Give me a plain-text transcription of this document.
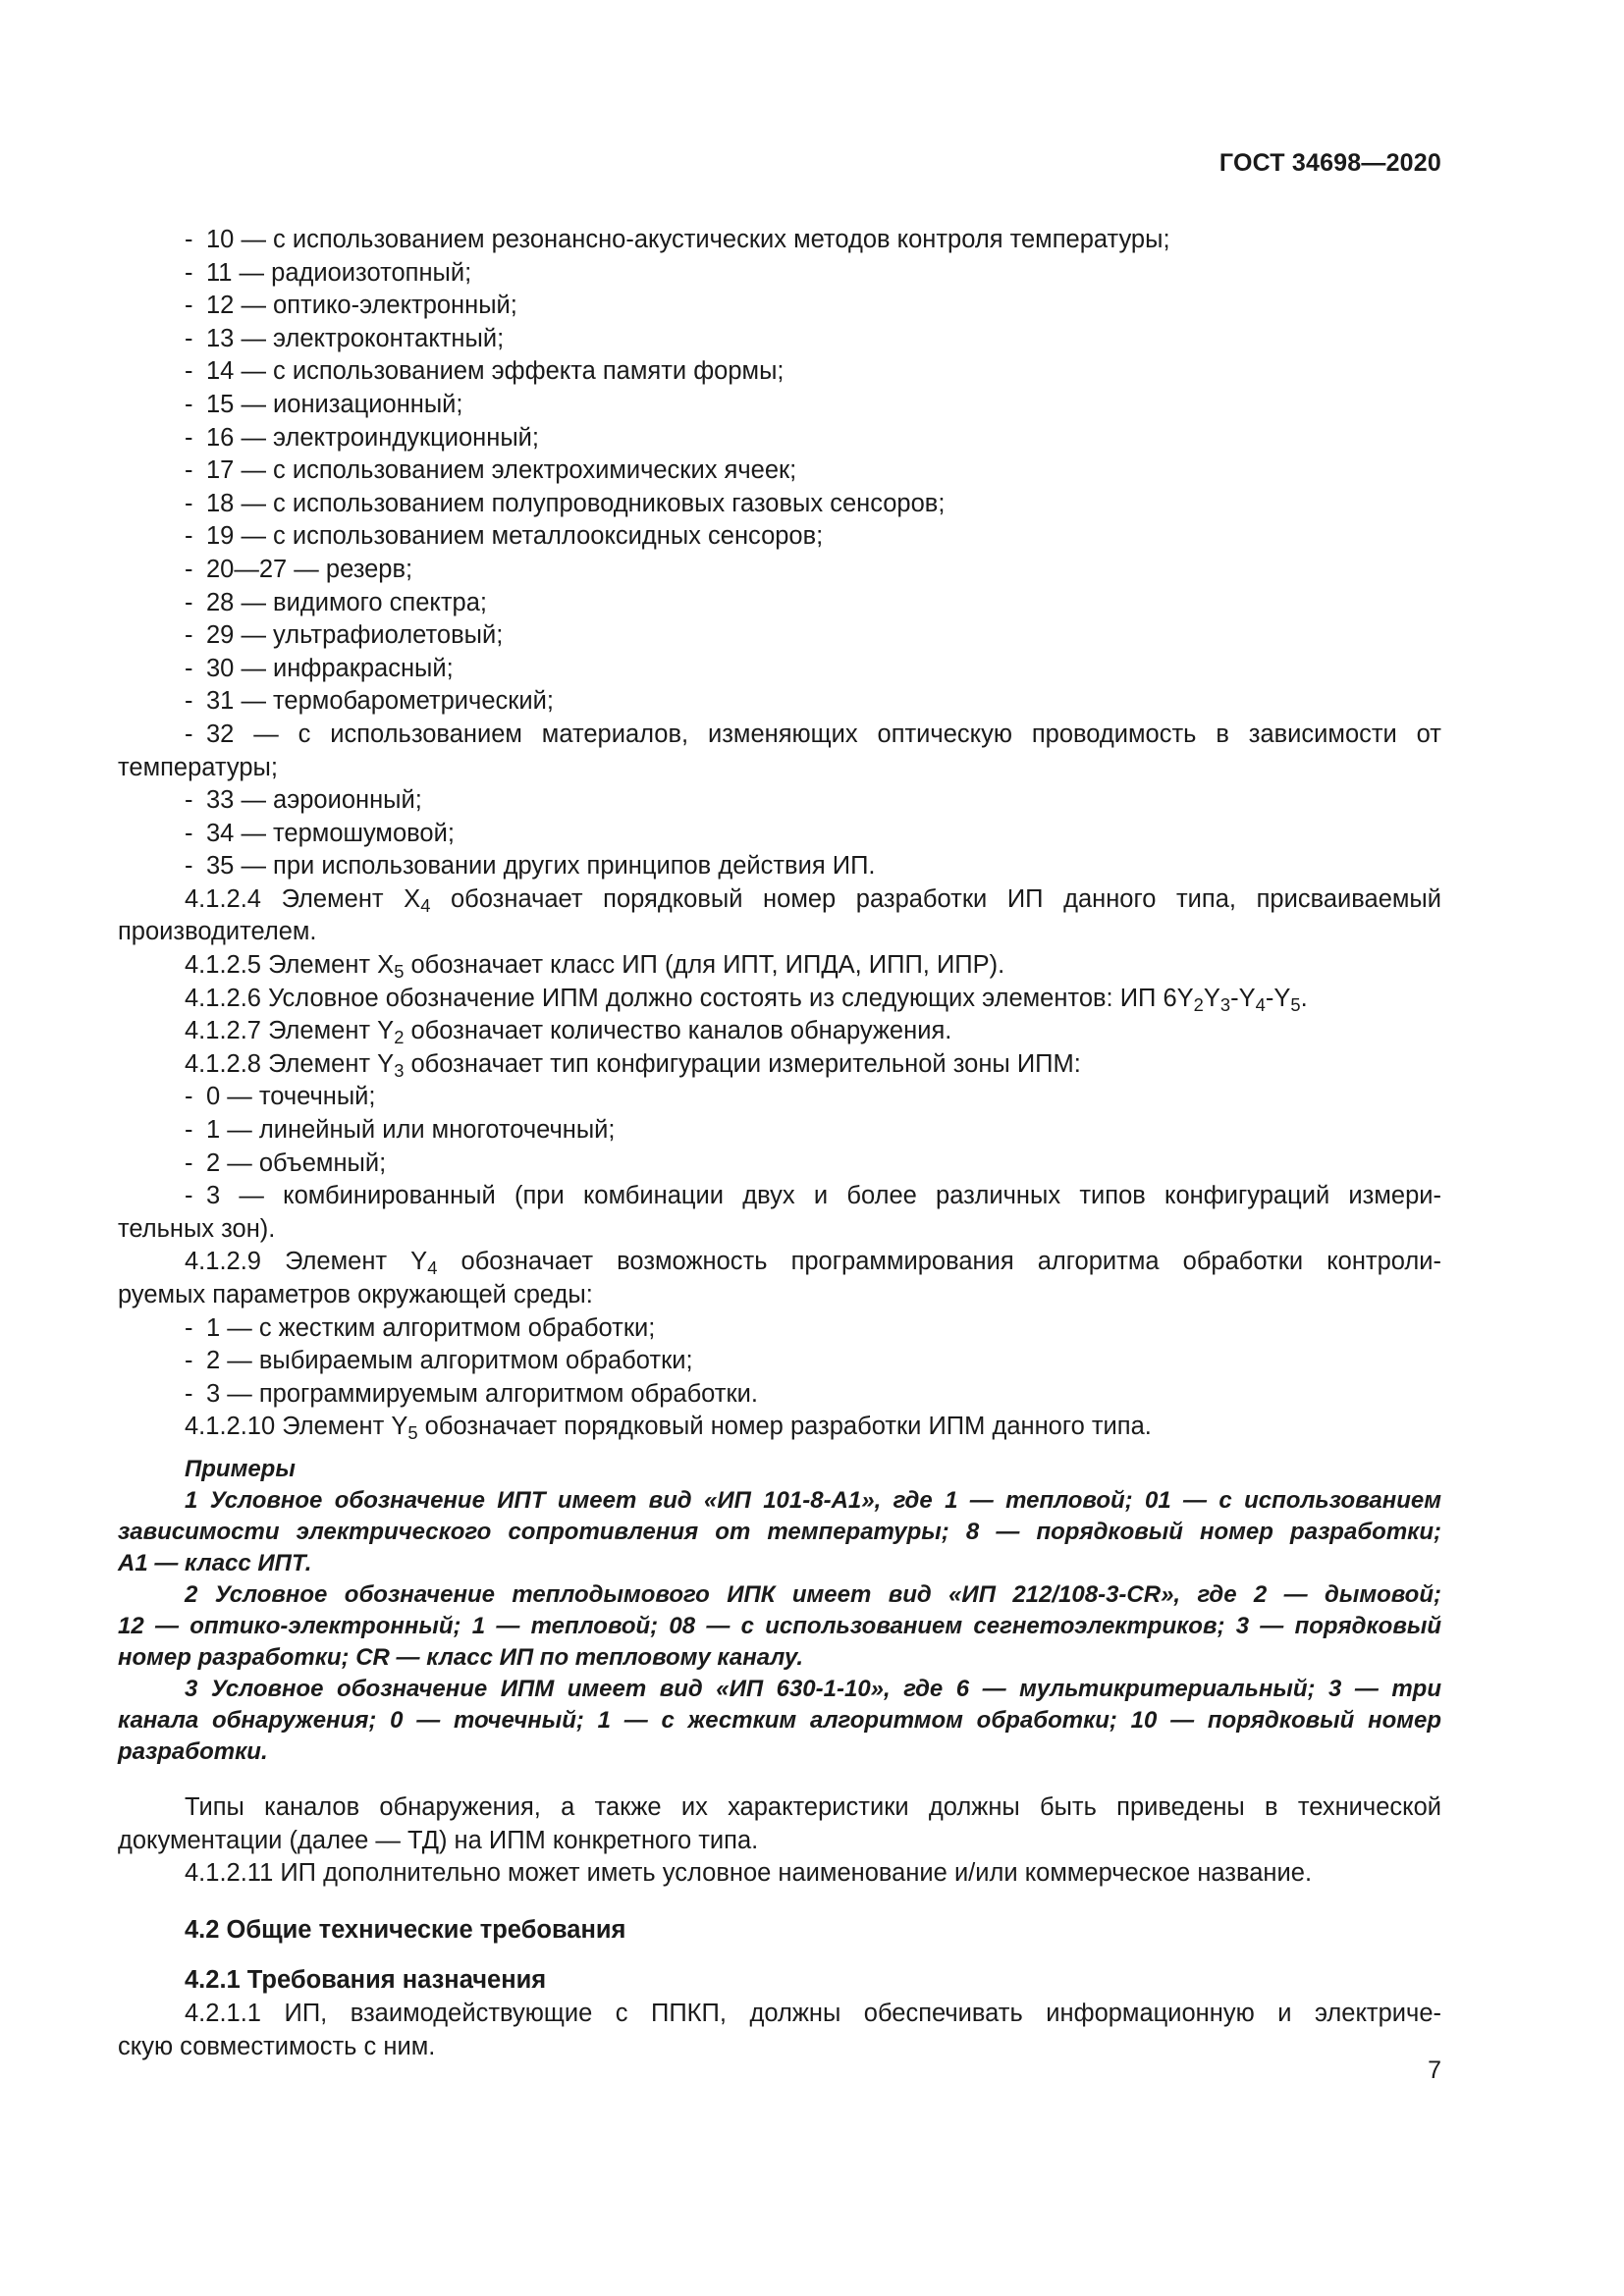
ГОСТ 34698—2020
- 10 — с использованием резонансно-акустических методов контроля температуры;
- 11 — радиоизотопный;
- 12 — оптико-электронный;
- 13 — электроконтактный;
- 14 — с использованием эффекта памяти формы;
- 15 — ионизационный;
- 16 — электроиндукционный;
- 17 — с использованием электрохимических ячеек;
- 18 — с использованием полупроводниковых газовых сенсоров;
- 19 — с использованием металлооксидных сенсоров;
- 20—27 — резерв;
- 28 — видимого спектра;
- 29 — ультрафиолетовый;
- 30 — инфракрасный;
- 31 — термобарометрический;
- 32 — с использованием материалов, изменяющих оптическую проводимость в зависимости от
температуры;
- 33 — аэроионный;
- 34 — термошумовой;
- 35 — при использовании других принципов действия ИП.
4.1.2.4 Элемент $X_4$ обозначает порядковый номер разработки ИП данного типа, присваиваемый
производителем.
4.1.2.5 Элемент $X_5$ обозначает класс ИП (для ИПТ, ИПДА, ИПП, ИПР).
4.1.2.6 Условное обозначение ИПМ должно состоять из следующих элементов: ИП $6Y_2Y_3-Y_4-Y_5$.
4.1.2.7 Элемент $Y_2$ обозначает количество каналов обнаружения.
4.1.2.8 Элемент $Y_3$ обозначает тип конфигурации измерительной зоны ИПМ:
- 0 — точечный;
- 1 — линейный или многоточечный;
- 2 — объемный;
- 3 — комбинированный (при комбинации двух и более различных типов конфигураций измери-
тельных зон).
4.1.2.9 Элемент $Y_4$ обозначает возможность программирования алгоритма обработки контроли-
руемых параметров окружающей среды:
- 1 — с жестким алгоритмом обработки;
- 2 — выбираемым алгоритмом обработки;
- 3 — программируемым алгоритмом обработки.
4.1.2.10 Элемент $Y_5$ обозначает порядковый номер разработки ИПМ данного типа.
Примеры
1 Условное обозначение ИПТ имеет вид «ИП 101-8-А1», где 1 — тепловой; 01 — с использованием
зависимости электрического сопротивления от температуры; 8 — порядковый номер разработки;
А1 — класс ИПТ.
2 Условное обозначение теплодымового ИПК имеет вид «ИП 212/108-3-CR», где 2 — дымовой;
12 — оптико-электронный; 1 — тепловой; 08 — с использованием сегнетоэлектриков; 3 — порядковый
номер разработки; CR — класс ИП по тепловому каналу.
3 Условное обозначение ИПМ имеет вид «ИП 630-1-10», где 6 — мультикритериальный; 3 — три
канала обнаружения; 0 — точечный; 1 — с жестким алгоритмом обработки; 10 — порядковый номер
разработки.
Типы каналов обнаружения, а также их характеристики должны быть приведены в технической
документации (далее — ТД) на ИПМ конкретного типа.
4.1.2.11 ИП дополнительно может иметь условное наименование и/или коммерческое название.
4.2 Общие технические требования
4.2.1 Требования назначения
4.2.1.1 ИП, взаимодействующие с ППКП, должны обеспечивать информационную и электриче-
скую совместимость с ним.
7
